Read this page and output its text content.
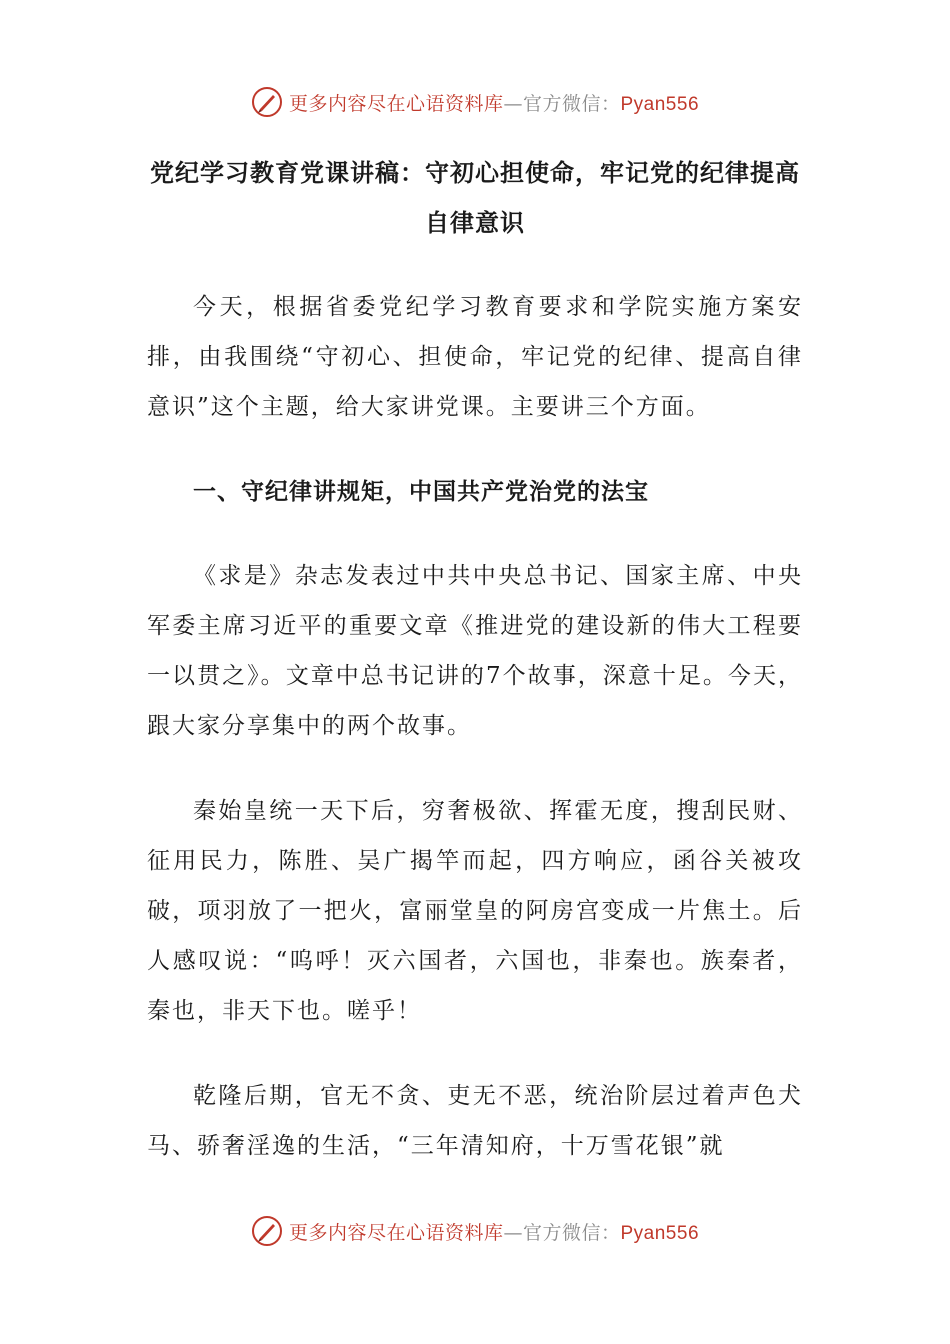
更多内容尽在心语资料库—官方微信：Pyan556
党纪学习教育党课讲稿：守初心担使命，牢记党的纪律提高自律意识

今天，根据省委党纪学习教育要求和学院实施方案安排，由我围绕“守初心、担使命，牢记党的纪律、提高自律意识”这个主题，给大家讲党课。主要讲三个方面。

一、守纪律讲规矩，中国共产党治党的法宝

《求是》杂志发表过中共中央总书记、国家主席、中央军委主席习近平的重要文章《推进党的建设新的伟大工程要一以贯之》。文章中总书记讲的7个故事，深意十足。今天，跟大家分享集中的两个故事。

秦始皇统一天下后，穷奢极欲、挥霍无度，搜刮民财、征用民力，陈胜、吴广揭竿而起，四方响应，函谷关被攻破，项羽放了一把火，富丽堂皇的阿房宫变成一片焦土。后人感叹说：“呜呼！灭六国者，六国也，非秦也。族秦者，秦也，非天下也。嗟乎！

乾隆后期，官无不贪、吏无不恶，统治阶层过着声色犬马、骄奢淫逸的生活，“三年清知府，十万雪花银”就

更多内容尽在心语资料库—官方微信：Pyan556
